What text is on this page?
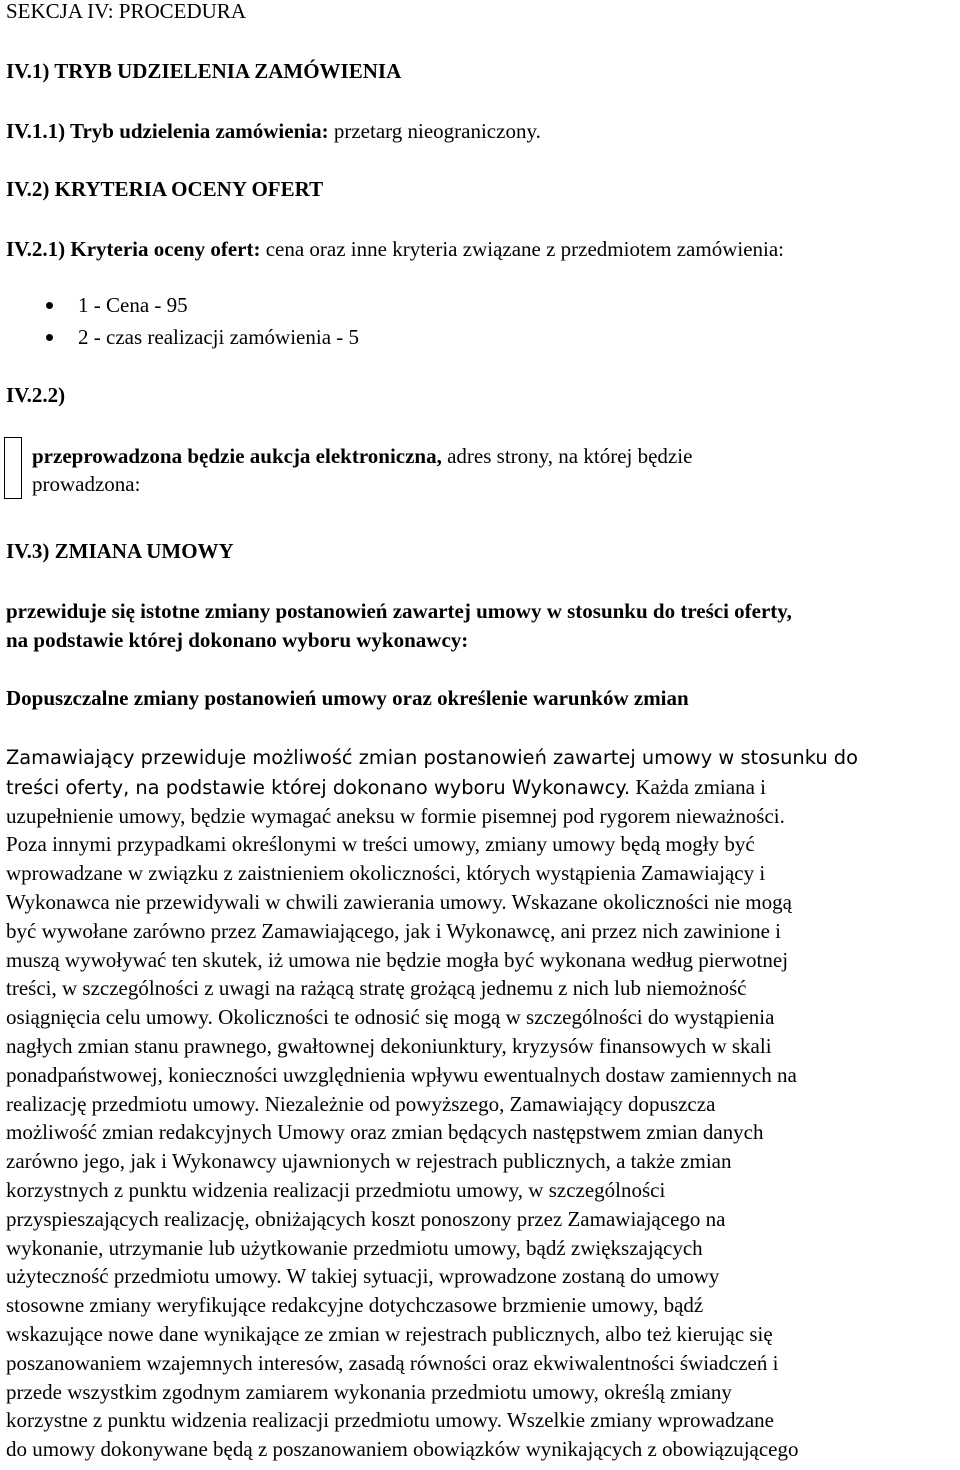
SEKCJA IV: PROCEDURA

IV.1) TRYB UDZIELENIA ZAMÓWIENIA

IV.1.1) Tryb udzielenia zamówienia: przetarg nieograniczony.

IV.2) KRYTERIA OCENY OFERT

IV.2.1) Kryteria oceny ofert: cena oraz inne kryteria związane z przedmiotem zamówienia:

1 - Cena - 95
2 - czas realizacji zamówienia - 5

IV.2.2)

przeprowadzona będzie aukcja elektroniczna, adres strony, na której będzie
prowadzona:

IV.3) ZMIANA UMOWY

przewiduje się istotne zmiany postanowień zawartej umowy w stosunku do treści oferty,

na podstawie której dokonano wyboru wykonawcy:

Dopuszczalne zmiany postanowień umowy oraz określenie warunków zmian

Zamawiający przewiduje możliwość zmian postanowień zawartej umowy w stosunku do
treści oferty, na podstawie której dokonano wyboru Wykonawcy. Każda zmiana i
uzupełnienie umowy, będzie wymagać aneksu w formie pisemnej pod rygorem nieważności.
Poza innymi przypadkami określonymi w treści umowy, zmiany umowy będą mogły być
wprowadzane w związku z zaistnieniem okoliczności, których wystąpienia Zamawiający i
Wykonawca nie przewidywali w chwili zawierania umowy. Wskazane okoliczności nie mogą
być wywołane zarówno przez Zamawiającego, jak i Wykonawcę, ani przez nich zawinione i
muszą wywoływać ten skutek, iż umowa nie będzie mogła być wykonana według pierwotnej
treści, w szczególności z uwagi na rażącą stratę grożącą jednemu z nich lub niemożność
osiągnięcia celu umowy. Okoliczności te odnosić się mogą w szczególności do wystąpienia
nagłych zmian stanu prawnego, gwałtownej dekoniunktury, kryzysów finansowych w skali
ponadpaństwowej, konieczności uwzględnienia wpływu ewentualnych dostaw zamiennych na
realizację przedmiotu umowy. Niezależnie od powyższego, Zamawiający dopuszcza
możliwość zmian redakcyjnych Umowy oraz zmian będących następstwem zmian danych
zarówno jego, jak i Wykonawcy ujawnionych w rejestrach publicznych, a także zmian
korzystnych z punktu widzenia realizacji przedmiotu umowy, w szczególności
przyspieszających realizację, obniżających koszt ponoszony przez Zamawiającego na
wykonanie, utrzymanie lub użytkowanie przedmiotu umowy, bądź zwiększających
użyteczność przedmiotu umowy. W takiej sytuacji, wprowadzone zostaną do umowy
stosowne zmiany weryfikujące redakcyjne dotychczasowe brzmienie umowy, bądź
wskazujące nowe dane wynikające ze zmian w rejestrach publicznych, albo też kierując się
poszanowaniem wzajemnych interesów, zasadą równości oraz ekwiwalentności świadczeń i
przede wszystkim zgodnym zamiarem wykonania przedmiotu umowy, określą zmiany
korzystne z punktu widzenia realizacji przedmiotu umowy. Wszelkie zmiany wprowadzane
do umowy dokonywane będą z poszanowaniem obowiązków wynikających z obowiązującego
